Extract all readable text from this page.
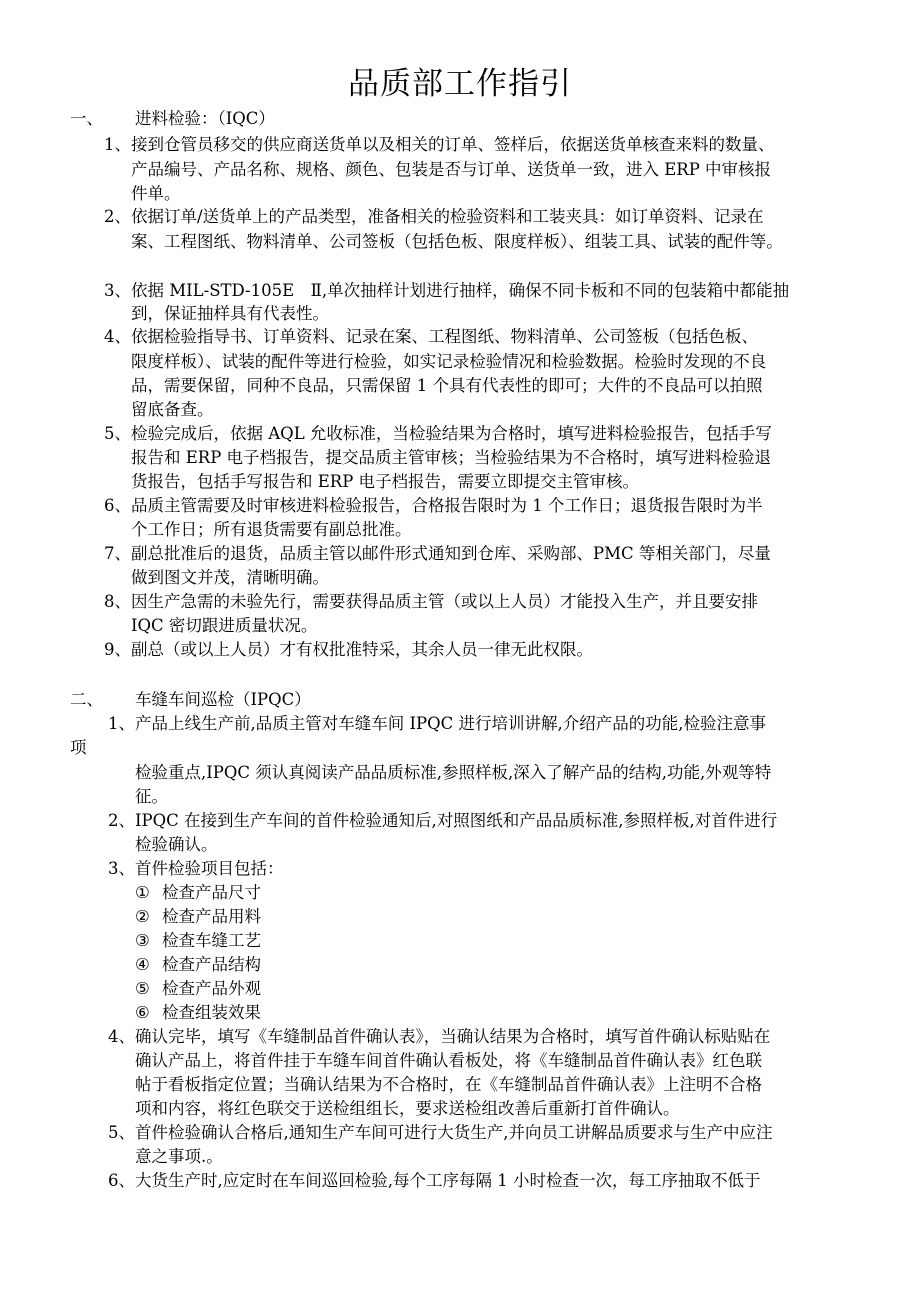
品质部工作指引
一、 进料检验：（IQC）
1、 接到仓管员移交的供应商送货单以及相关的订单、签样后，依据送货单核查来料的数量、
产品编号、产品名称、规格、颜色、包装是否与订单、送货单一致，进入 ERP 中审核报
件单。
2、 依据订单/送货单上的产品类型，准备相关的检验资料和工装夹具：如订单资料、记录在
案、工程图纸、物料清单、公司签板（包括色板、限度样板）、组装工具、试装的配件等。
3、 依据 MIL-STD-105E　Ⅱ,单次抽样计划进行抽样，确保不同卡板和不同的包装箱中都能抽
到，保证抽样具有代表性。
4、 依据检验指导书、订单资料、记录在案、工程图纸、物料清单、公司签板（包括色板、
限度样板）、试装的配件等进行检验，如实记录检验情况和检验数据。检验时发现的不良
品，需要保留，同种不良品，只需保留 1 个具有代表性的即可；大件的不良品可以拍照
留底备查。
5、 检验完成后，依据 AQL 允收标准，当检验结果为合格时，填写进料检验报告，包括手写
报告和 ERP 电子档报告，提交品质主管审核；当检验结果为不合格时，填写进料检验退
货报告，包括手写报告和 ERP 电子档报告，需要立即提交主管审核。
6、 品质主管需要及时审核进料检验报告，合格报告限时为 1 个工作日；退货报告限时为半
个工作日；所有退货需要有副总批准。
7、 副总批准后的退货，品质主管以邮件形式通知到仓库、采购部、PMC 等相关部门，尽量
做到图文并茂，清晰明确。
8、 因生产急需的未验先行，需要获得品质主管（或以上人员）才能投入生产，并且要安排
IQC 密切跟进质量状况。
9、 副总（或以上人员）才有权批准特采，其余人员一律无此权限。
二、 车缝车间巡检（IPQC）
1、 产品上线生产前,品质主管对车缝车间 IPQC 进行培训讲解,介绍产品的功能,检验注意事
项
检验重点,IPQC 须认真阅读产品品质标准,参照样板,深入了解产品的结构,功能,外观等特
征。
2、 IPQC 在接到生产车间的首件检验通知后,对照图纸和产品品质标准,参照样板,对首件进行
检验确认。
3、 首件检验项目包括：
① 检查产品尺寸
② 检查产品用料
③ 检查车缝工艺
④ 检查产品结构
⑤ 检查产品外观
⑥ 检查组装效果
4、 确认完毕，填写《车缝制品首件确认表》，当确认结果为合格时，填写首件确认标贴贴在
确认产品上，将首件挂于车缝车间首件确认看板处，将《车缝制品首件确认表》红色联
帖于看板指定位置；当确认结果为不合格时，在《车缝制品首件确认表》上注明不合格
项和内容，将红色联交于送检组组长，要求送检组改善后重新打首件确认。
5、 首件检验确认合格后,通知生产车间可进行大货生产,并向员工讲解品质要求与生产中应注
意之事项.。
6、 大货生产时,应定时在车间巡回检验,每个工序每隔 1 小时检查一次，每工序抽取不低于
